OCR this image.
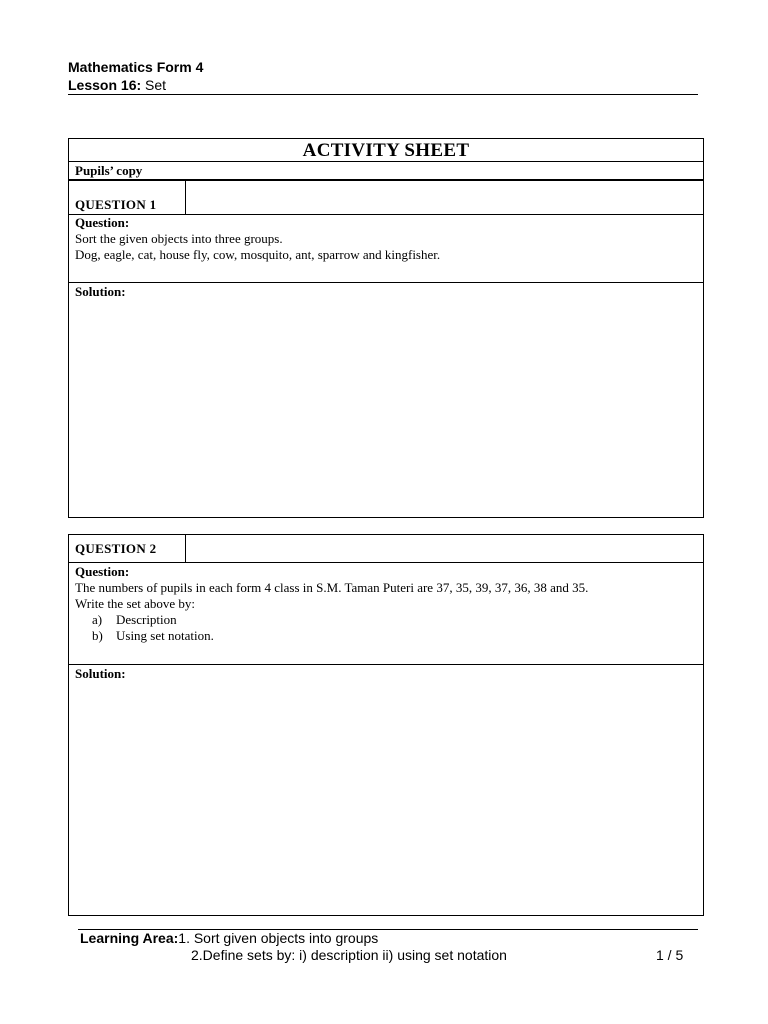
Mathematics Form 4
Lesson 16: Set
ACTIVITY SHEET
Pupils’ copy
QUESTION 1
Question:
Sort the given objects into three groups.
Dog, eagle, cat, house fly, cow, mosquito, ant, sparrow and kingfisher.
Solution:
QUESTION 2
Question:
The numbers of pupils in each form 4 class in S.M. Taman Puteri are 37, 35, 39, 37, 36, 38 and 35.
Write the set above by:
a) Description
b) Using set notation.
Solution:
Learning Area:1. Sort given objects into groups
2.Define sets by: i) description ii) using set notation	1 / 5
